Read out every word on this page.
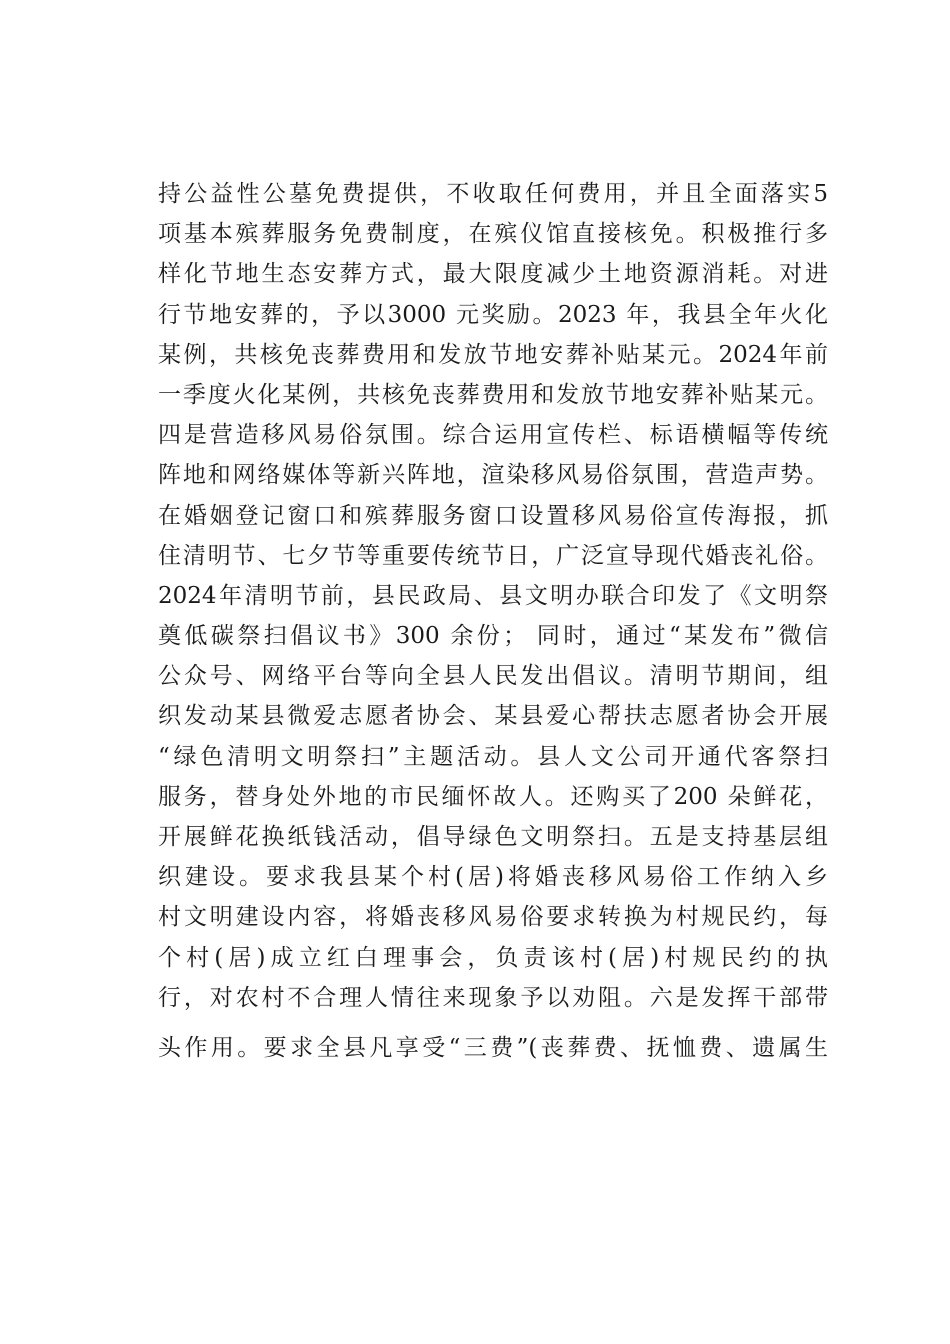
持公益性公墓免费提供，不收取任何费用，并且全面落实5
项基本殡葬服务免费制度，在殡仪馆直接核免。积极推行多
样化节地生态安葬方式，最大限度减少土地资源消耗。对进
行节地安葬的，予以3000 元奖励。2023 年，我县全年火化
某例，共核免丧葬费用和发放节地安葬补贴某元。2024年前
一季度火化某例，共核免丧葬费用和发放节地安葬补贴某元。
四是营造移风易俗氛围。综合运用宣传栏、标语横幅等传统
阵地和网络媒体等新兴阵地，渲染移风易俗氛围，营造声势。
在婚姻登记窗口和殡葬服务窗口设置移风易俗宣传海报，抓
住清明节、七夕节等重要传统节日，广泛宣导现代婚丧礼俗。
2024年清明节前，县民政局、县文明办联合印发了《文明祭
奠低碳祭扫倡议书》300 余份； 同时，通过“某发布”微信
公众号、网络平台等向全县人民发出倡议。清明节期间，组
织发动某县微爱志愿者协会、某县爱心帮扶志愿者协会开展
“绿色清明文明祭扫”主题活动。县人文公司开通代客祭扫
服务，替身处外地的市民缅怀故人。还购买了200 朵鲜花，
开展鲜花换纸钱活动，倡导绿色文明祭扫。五是支持基层组
织建设。要求我县某个村(居)将婚丧移风易俗工作纳入乡
村文明建设内容，将婚丧移风易俗要求转换为村规民约，每
个村(居)成立红白理事会，负责该村(居)村规民约的执
行，对农村不合理人情往来现象予以劝阻。六是发挥干部带
头作用。要求全县凡享受“三费”(丧葬费、抚恤费、遗属生
